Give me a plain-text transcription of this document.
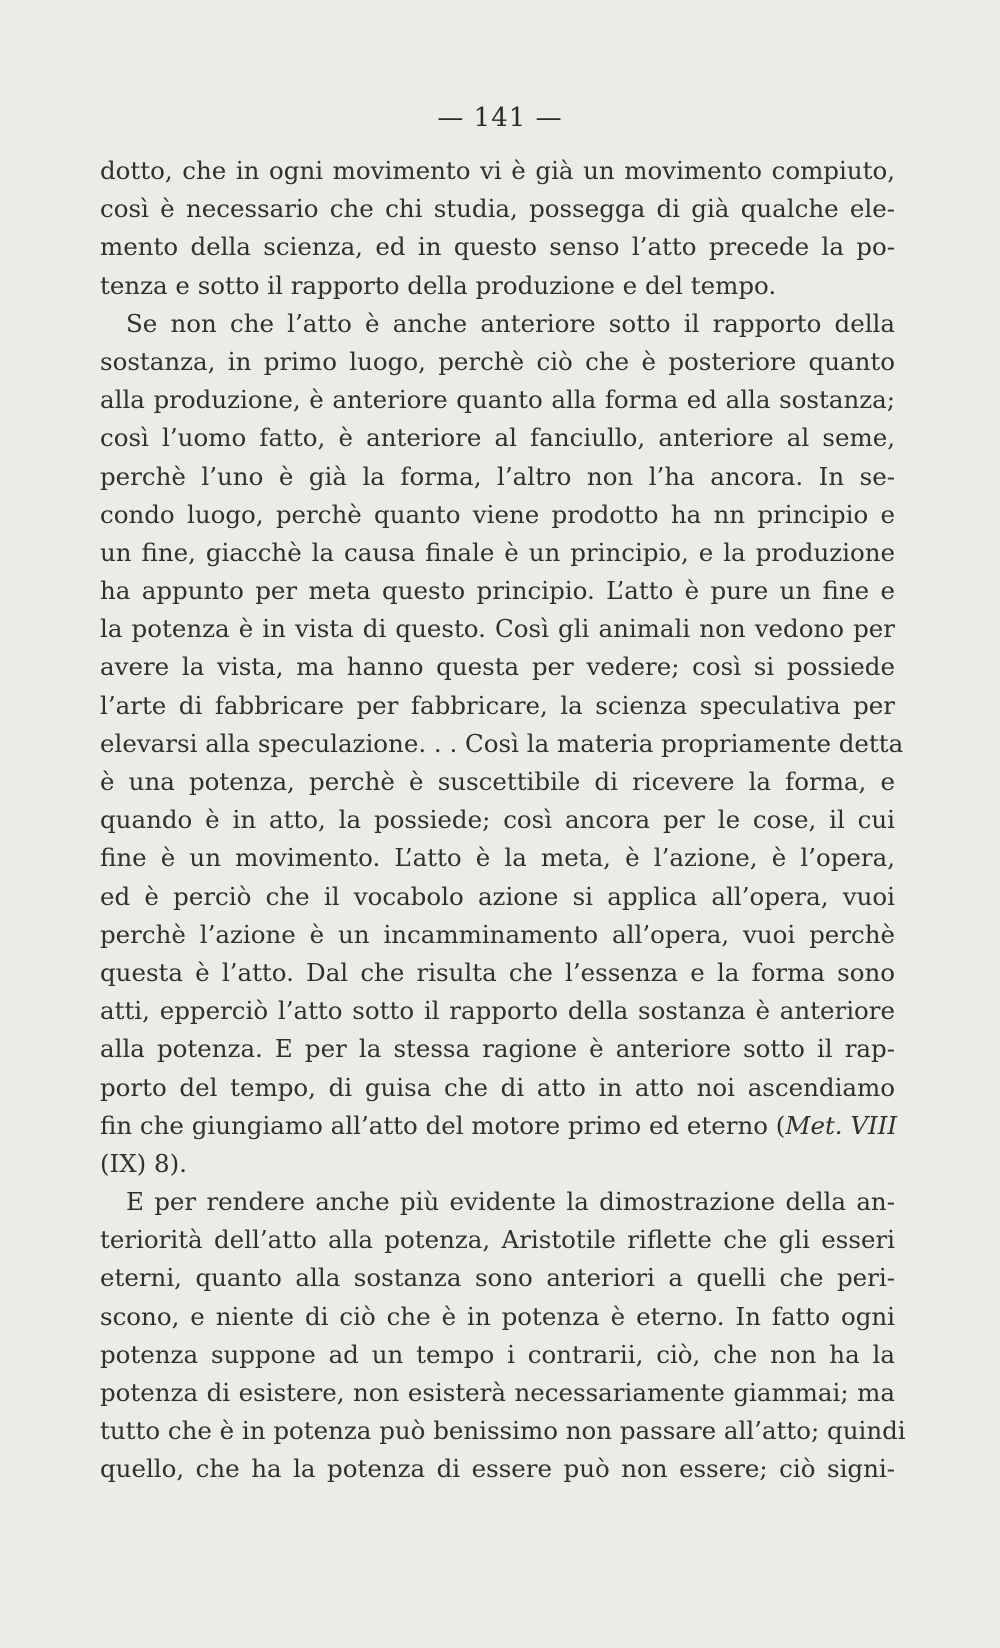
— 141 —
dotto, che in ogni movimento vi è già un movimento compiuto,
così è necessario che chi studia, possegga di già qualche ele-
mento della scienza, ed in questo senso l’atto precede la po-
tenza e sotto il rapporto della produzione e del tempo.
Se non che l’atto è anche anteriore sotto il rapporto della
sostanza, in primo luogo, perchè ciò che è posteriore quanto
alla produzione, è anteriore quanto alla forma ed alla sostanza;
così l’uomo fatto, è anteriore al fanciullo, anteriore al seme,
perchè l’uno è già la forma, l’altro non l’ha ancora. In se-
condo luogo, perchè quanto viene prodotto ha nn principio e
un fine, giacchè la causa finale è un principio, e la produzione
ha appunto per meta questo principio. L’atto è pure un fine e
la potenza è in vista di questo. Così gli animali non vedono per
avere la vista, ma hanno questa per vedere; così si possiede
l’arte di fabbricare per fabbricare, la scienza speculativa per
elevarsi alla speculazione. . . Così la materia propriamente detta
è una potenza, perchè è suscettibile di ricevere la forma, e
quando è in atto, la possiede; così ancora per le cose, il cui
fine è un movimento. L’atto è la meta, è l’azione, è l’opera,
ed è perciò che il vocabolo azione si applica all’opera, vuoi
perchè l’azione è un incamminamento all’opera, vuoi perchè
questa è l’atto. Dal che risulta che l’essenza e la forma sono
atti, epperciò l’atto sotto il rapporto della sostanza è anteriore
alla potenza. E per la stessa ragione è anteriore sotto il rap-
porto del tempo, di guisa che di atto in atto noi ascendiamo
fin che giungiamo all’atto del motore primo ed eterno (Met. VIII
(IX) 8).
E per rendere anche più evidente la dimostrazione della an-
teriorità dell’atto alla potenza, Aristotile riflette che gli esseri
eterni, quanto alla sostanza sono anteriori a quelli che peri-
scono, e niente di ciò che è in potenza è eterno. In fatto ogni
potenza suppone ad un tempo i contrarii, ciò, che non ha la
potenza di esistere, non esisterà necessariamente giammai; ma
tutto che è in potenza può benissimo non passare all’atto; quindi
quello, che ha la potenza di essere può non essere; ciò signi-
